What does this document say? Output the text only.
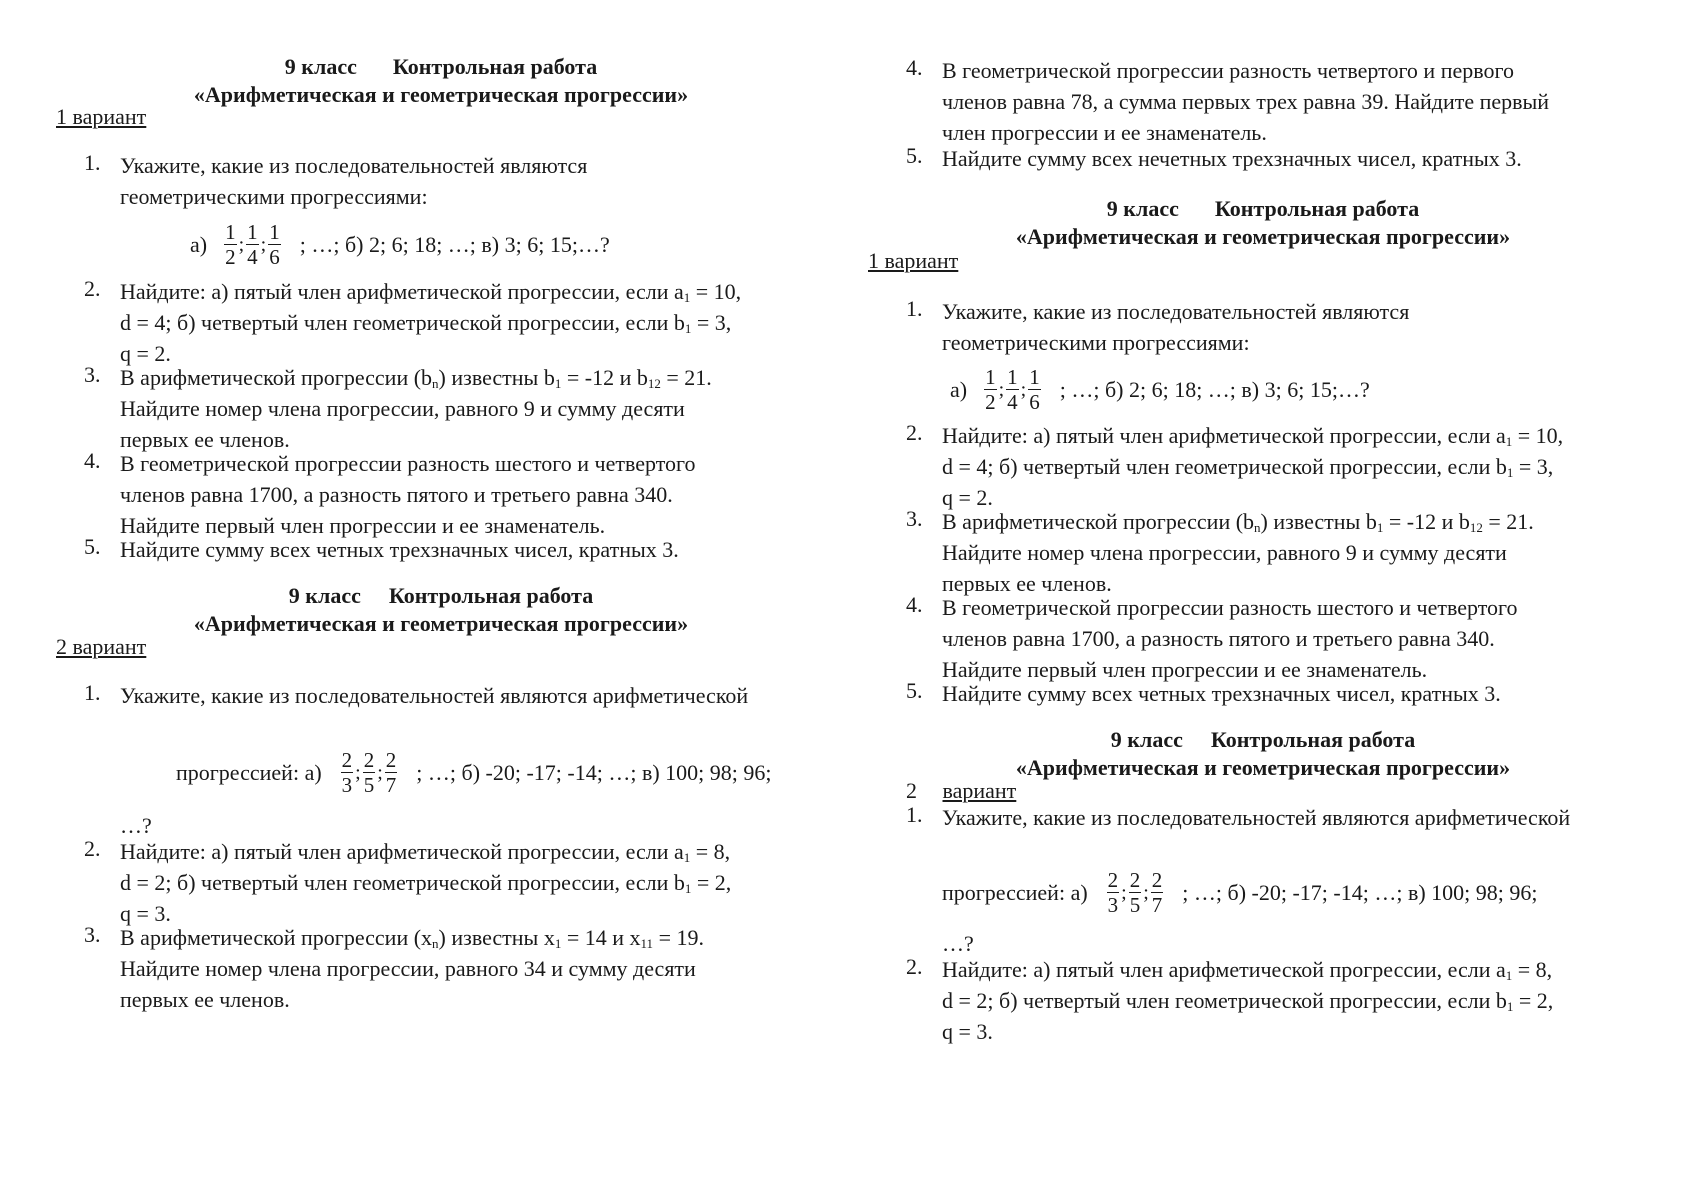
9 класс Контрольная работа
«Арифметическая и геометрическая прогрессии»
1 вариант
1. Укажите, какие из последовательностей являются геометрическими прогрессиями:
$а) \frac{1}{2}$ ; $\frac{1}{4}$ ; $\frac{1}{6}$ ; …; б) 2; 6; 18; …; в) 3; 6; 15;…?
2. Найдите: а) пятый член арифметической прогрессии, если $a_1 = 10$,
d = 4; б) четвертый член геометрической прогрессии, если $b_1 = 3$,
q = 2.
3. В арифметической прогрессии $(b_n)$ известны $b_1 = -12$ и $b_{12} = 21$.
Найдите номер члена прогрессии, равного 9 и сумму десяти
первых ее членов.
4. В геометрической прогрессии разность шестого и четвертого
членов равна 1700, а разность пятого и третьего равна 340.
Найдите первый член прогрессии и ее знаменатель.
5. Найдите сумму всех четных трехзначных чисел, кратных 3.
9 класс Контрольная работа
«Арифметическая и геометрическая прогрессии»
2 вариант
1. Укажите, какие из последовательностей являются арифметической
прогрессией: $а) \frac{2}{3}$ ; $\frac{2}{5}$ ; $\frac{2}{7}$ ; …; б) -20; -17; -14; …; в) 100; 98; 96;
…?
2. Найдите: а) пятый член арифметической прогрессии, если $a_1 = 8$,
d = 2; б) четвертый член геометрической прогрессии, если $b_1 = 2$,
q = 3.
3. В арифметической прогрессии $(x_n)$ известны $x_1 = 14$ и $x_{11} = 19$.
Найдите номер члена прогрессии, равного 34 и сумму десяти
первых ее членов.
4. В геометрической прогрессии разность четвертого и первого
членов равна 78, а сумма первых трех равна 39. Найдите первый
член прогрессии и ее знаменатель.
5. Найдите сумму всех нечетных трехзначных чисел, кратных 3.
9 класс Контрольная работа
«Арифметическая и геометрическая прогрессии»
1 вариант
1. Укажите, какие из последовательностей являются
геометрическими прогрессиями:
$а) \frac{1}{2}$ ; $\frac{1}{4}$ ; $\frac{1}{6}$ ; …; б) 2; 6; 18; …; в) 3; 6; 15;…?
2. Найдите: а) пятый член арифметической прогрессии, если $a_1 = 10$,
d = 4; б) четвертый член геометрической прогрессии, если $b_1 = 3$,
q = 2.
3. В арифметической прогрессии $(b_n)$ известны $b_1 = -12$ и $b_{12} = 21$.
Найдите номер члена прогрессии, равного 9 и сумму десяти
первых ее членов.
4. В геометрической прогрессии разность шестого и четвертого
членов равна 1700, а разность пятого и третьего равна 340.
Найдите первый член прогрессии и ее знаменатель.
5. Найдите сумму всех четных трехзначных чисел, кратных 3.
9 класс Контрольная работа
«Арифметическая и геометрическая прогрессии»
2 вариант
1. Укажите, какие из последовательностей являются арифметической
прогрессией: $а) \frac{2}{3}$ ; $\frac{2}{5}$ ; $\frac{2}{7}$ ; …; б) -20; -17; -14; …; в) 100; 98; 96;
…?
2. Найдите: а) пятый член арифметической прогрессии, если $a_1 = 8$,
d = 2; б) четвертый член геометрической прогрессии, если $b_1 = 2$,
q = 3.
